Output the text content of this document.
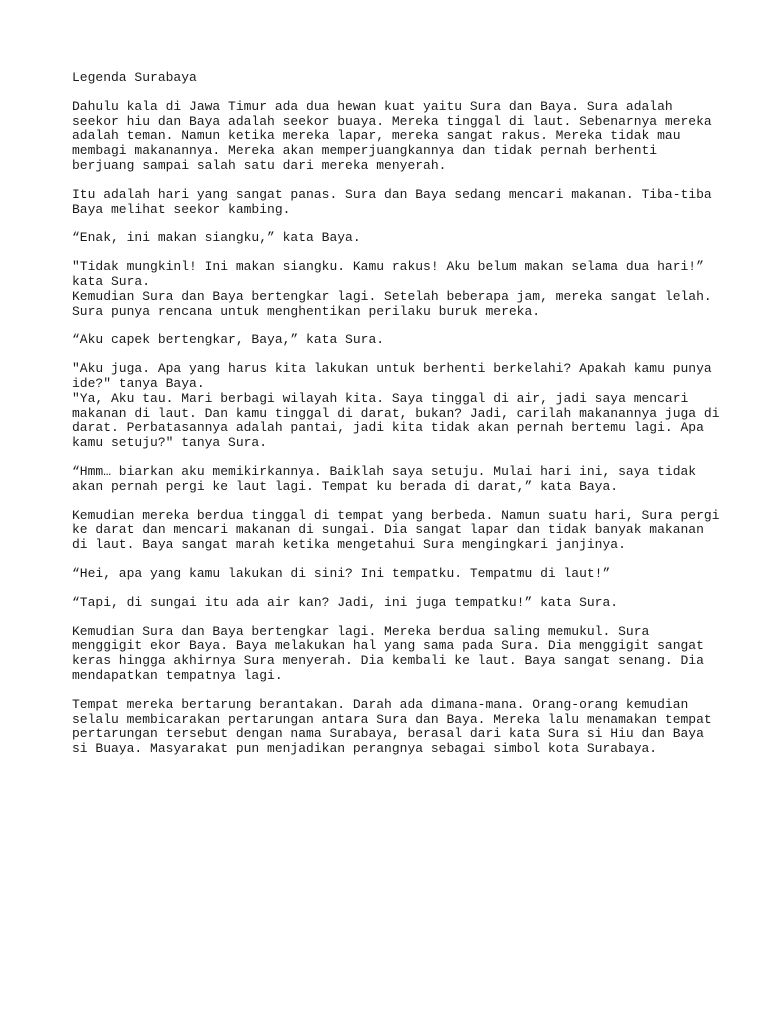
Legenda Surabaya
Dahulu kala di Jawa Timur ada dua hewan kuat yaitu Sura dan Baya. Sura adalah
seekor hiu dan Baya adalah seekor buaya. Mereka tinggal di laut. Sebenarnya mereka
adalah teman. Namun ketika mereka lapar, mereka sangat rakus. Mereka tidak mau
membagi makanannya. Mereka akan memperjuangkannya dan tidak pernah berhenti
berjuang sampai salah satu dari mereka menyerah.
Itu adalah hari yang sangat panas. Sura dan Baya sedang mencari makanan. Tiba-tiba
Baya melihat seekor kambing.
“Enak, ini makan siangku,” kata Baya.
"Tidak mungkinl! Ini makan siangku. Kamu rakus! Aku belum makan selama dua hari!”
kata Sura.
Kemudian Sura dan Baya bertengkar lagi. Setelah beberapa jam, mereka sangat lelah.
Sura punya rencana untuk menghentikan perilaku buruk mereka.
“Aku capek bertengkar, Baya,” kata Sura.
"Aku juga. Apa yang harus kita lakukan untuk berhenti berkelahi? Apakah kamu punya
ide?" tanya Baya.
"Ya, Aku tau. Mari berbagi wilayah kita. Saya tinggal di air, jadi saya mencari
makanan di laut. Dan kamu tinggal di darat, bukan? Jadi, carilah makanannya juga di
darat. Perbatasannya adalah pantai, jadi kita tidak akan pernah bertemu lagi. Apa
kamu setuju?" tanya Sura.
“Hmm… biarkan aku memikirkannya. Baiklah saya setuju. Mulai hari ini, saya tidak
akan pernah pergi ke laut lagi. Tempat ku berada di darat,” kata Baya.
Kemudian mereka berdua tinggal di tempat yang berbeda. Namun suatu hari, Sura pergi
ke darat dan mencari makanan di sungai. Dia sangat lapar dan tidak banyak makanan
di laut. Baya sangat marah ketika mengetahui Sura mengingkari janjinya.
“Hei, apa yang kamu lakukan di sini? Ini tempatku. Tempatmu di laut!”
“Tapi, di sungai itu ada air kan? Jadi, ini juga tempatku!” kata Sura.
Kemudian Sura dan Baya bertengkar lagi. Mereka berdua saling memukul. Sura
menggigit ekor Baya. Baya melakukan hal yang sama pada Sura. Dia menggigit sangat
keras hingga akhirnya Sura menyerah. Dia kembali ke laut. Baya sangat senang. Dia
mendapatkan tempatnya lagi.
Tempat mereka bertarung berantakan. Darah ada dimana-mana. Orang-orang kemudian
selalu membicarakan pertarungan antara Sura dan Baya. Mereka lalu menamakan tempat
pertarungan tersebut dengan nama Surabaya, berasal dari kata Sura si Hiu dan Baya
si Buaya. Masyarakat pun menjadikan perangnya sebagai simbol kota Surabaya.
